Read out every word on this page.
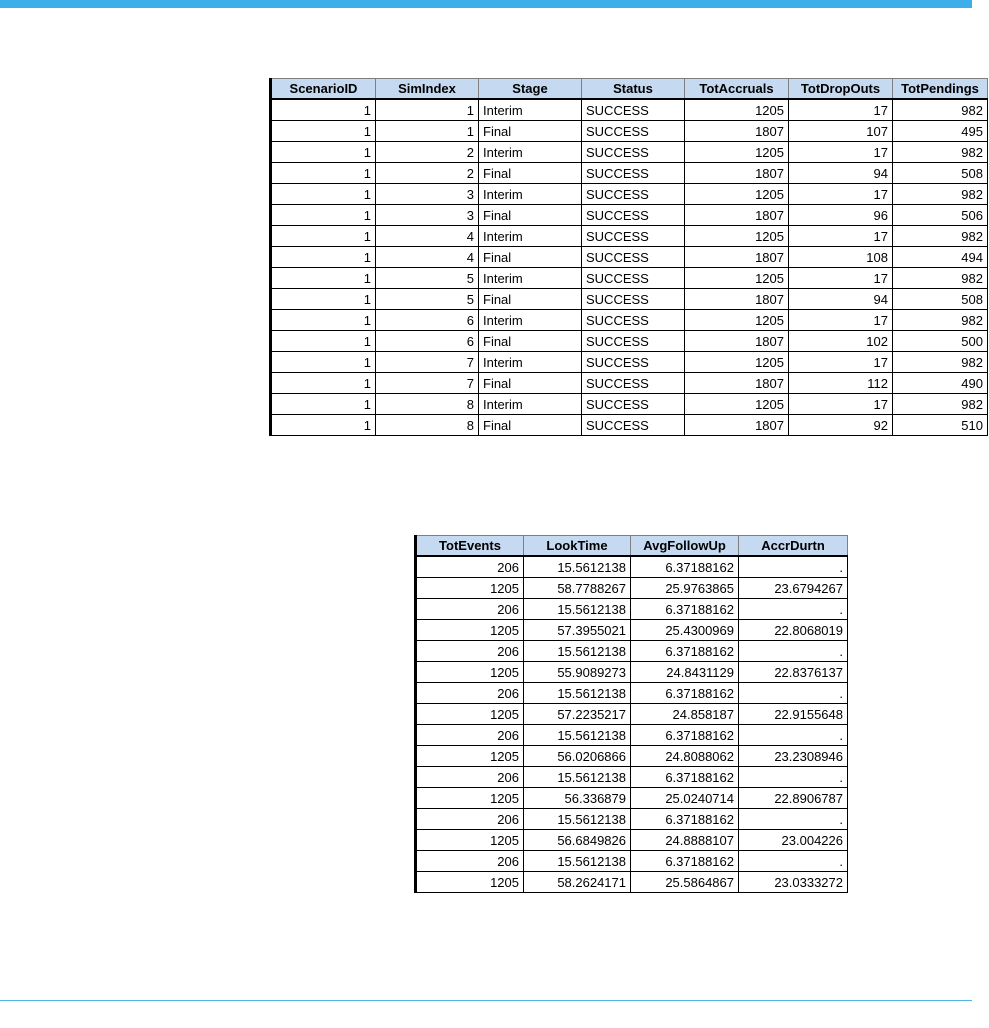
ScenarioID	SimIndex	Stage	Status	TotAccruals	TotDropOuts	TotPendings
1	1	Interim	SUCCESS	1205	17	982
1	1	Final	SUCCESS	1807	107	495
1	2	Interim	SUCCESS	1205	17	982
1	2	Final	SUCCESS	1807	94	508
1	3	Interim	SUCCESS	1205	17	982
1	3	Final	SUCCESS	1807	96	506
1	4	Interim	SUCCESS	1205	17	982
1	4	Final	SUCCESS	1807	108	494
1	5	Interim	SUCCESS	1205	17	982
1	5	Final	SUCCESS	1807	94	508
1	6	Interim	SUCCESS	1205	17	982
1	6	Final	SUCCESS	1807	102	500
1	7	Interim	SUCCESS	1205	17	982
1	7	Final	SUCCESS	1807	112	490
1	8	Interim	SUCCESS	1205	17	982
1	8	Final	SUCCESS	1807	92	510
TotEvents	LookTime	AvgFollowUp	AccrDurtn
206	15.5612138	6.37188162	.
1205	58.7788267	25.9763865	23.6794267
206	15.5612138	6.37188162	.
1205	57.3955021	25.4300969	22.8068019
206	15.5612138	6.37188162	.
1205	55.9089273	24.8431129	22.8376137
206	15.5612138	6.37188162	.
1205	57.2235217	24.858187	22.9155648
206	15.5612138	6.37188162	.
1205	56.0206866	24.8088062	23.2308946
206	15.5612138	6.37188162	.
1205	56.336879	25.0240714	22.8906787
206	15.5612138	6.37188162	.
1205	56.6849826	24.8888107	23.004226
206	15.5612138	6.37188162	.
1205	58.2624171	25.5864867	23.0333272
